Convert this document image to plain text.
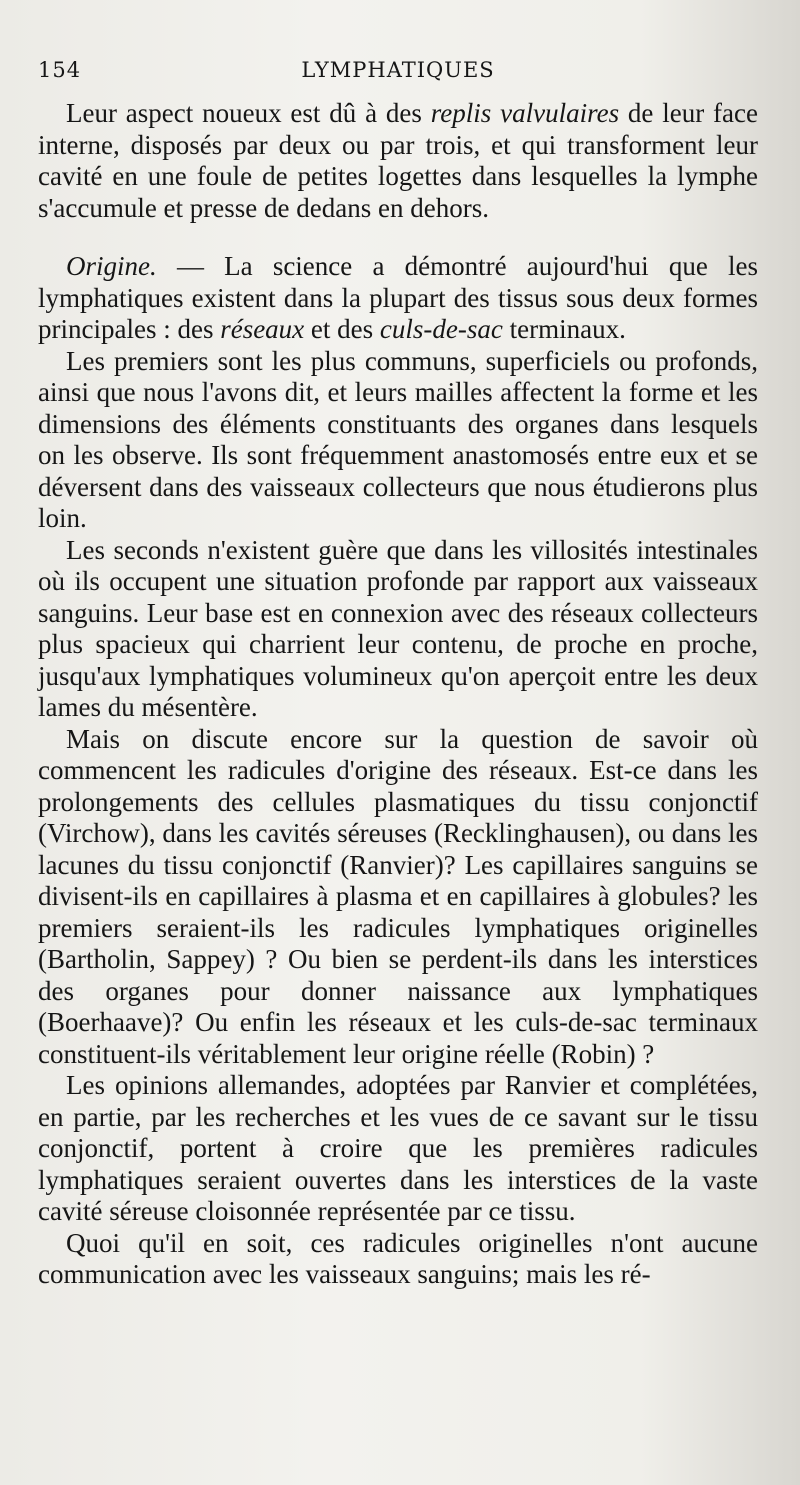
154	LYMPHATIQUES

Leur aspect noueux est dû à des replis valvulaires de leur face interne, disposés par deux ou par trois, et qui transforment leur cavité en une foule de petites logettes dans lesquelles la lymphe s'accumule et presse de dedans en dehors.

Origine. — La science a démontré aujourd'hui que les lymphatiques existent dans la plupart des tissus sous deux formes principales : des réseaux et des culs-de-sac terminaux.

Les premiers sont les plus communs, superficiels ou profonds, ainsi que nous l'avons dit, et leurs mailles affectent la forme et les dimensions des éléments constituants des organes dans lesquels on les observe. Ils sont fréquemment anastomosés entre eux et se déversent dans des vaisseaux collecteurs que nous étudierons plus loin.

Les seconds n'existent guère que dans les villosités intestinales où ils occupent une situation profonde par rapport aux vaisseaux sanguins. Leur base est en connexion avec des réseaux collecteurs plus spacieux qui charrient leur contenu, de proche en proche, jusqu'aux lymphatiques volumineux qu'on aperçoit entre les deux lames du mésentère.

Mais on discute encore sur la question de savoir où commencent les radicules d'origine des réseaux. Est-ce dans les prolongements des cellules plasmatiques du tissu conjonctif (Virchow), dans les cavités séreuses (Recklinghausen), ou dans les lacunes du tissu conjonctif (Ranvier)? Les capillaires sanguins se divisent-ils en capillaires à plasma et en capillaires à globules? les premiers seraient-ils les radicules lymphatiques originelles (Bartholin, Sappey) ? Ou bien se perdent-ils dans les interstices des organes pour donner naissance aux lymphatiques (Boerhaave)? Ou enfin les réseaux et les culs-de-sac terminaux constituent-ils véritablement leur origine réelle (Robin) ?

Les opinions allemandes, adoptées par Ranvier et complétées, en partie, par les recherches et les vues de ce savant sur le tissu conjonctif, portent à croire que les premières radicules lymphatiques seraient ouvertes dans les interstices de la vaste cavité séreuse cloisonnée représentée par ce tissu.

Quoi qu'il en soit, ces radicules originelles n'ont aucune communication avec les vaisseaux sanguins; mais les ré-
